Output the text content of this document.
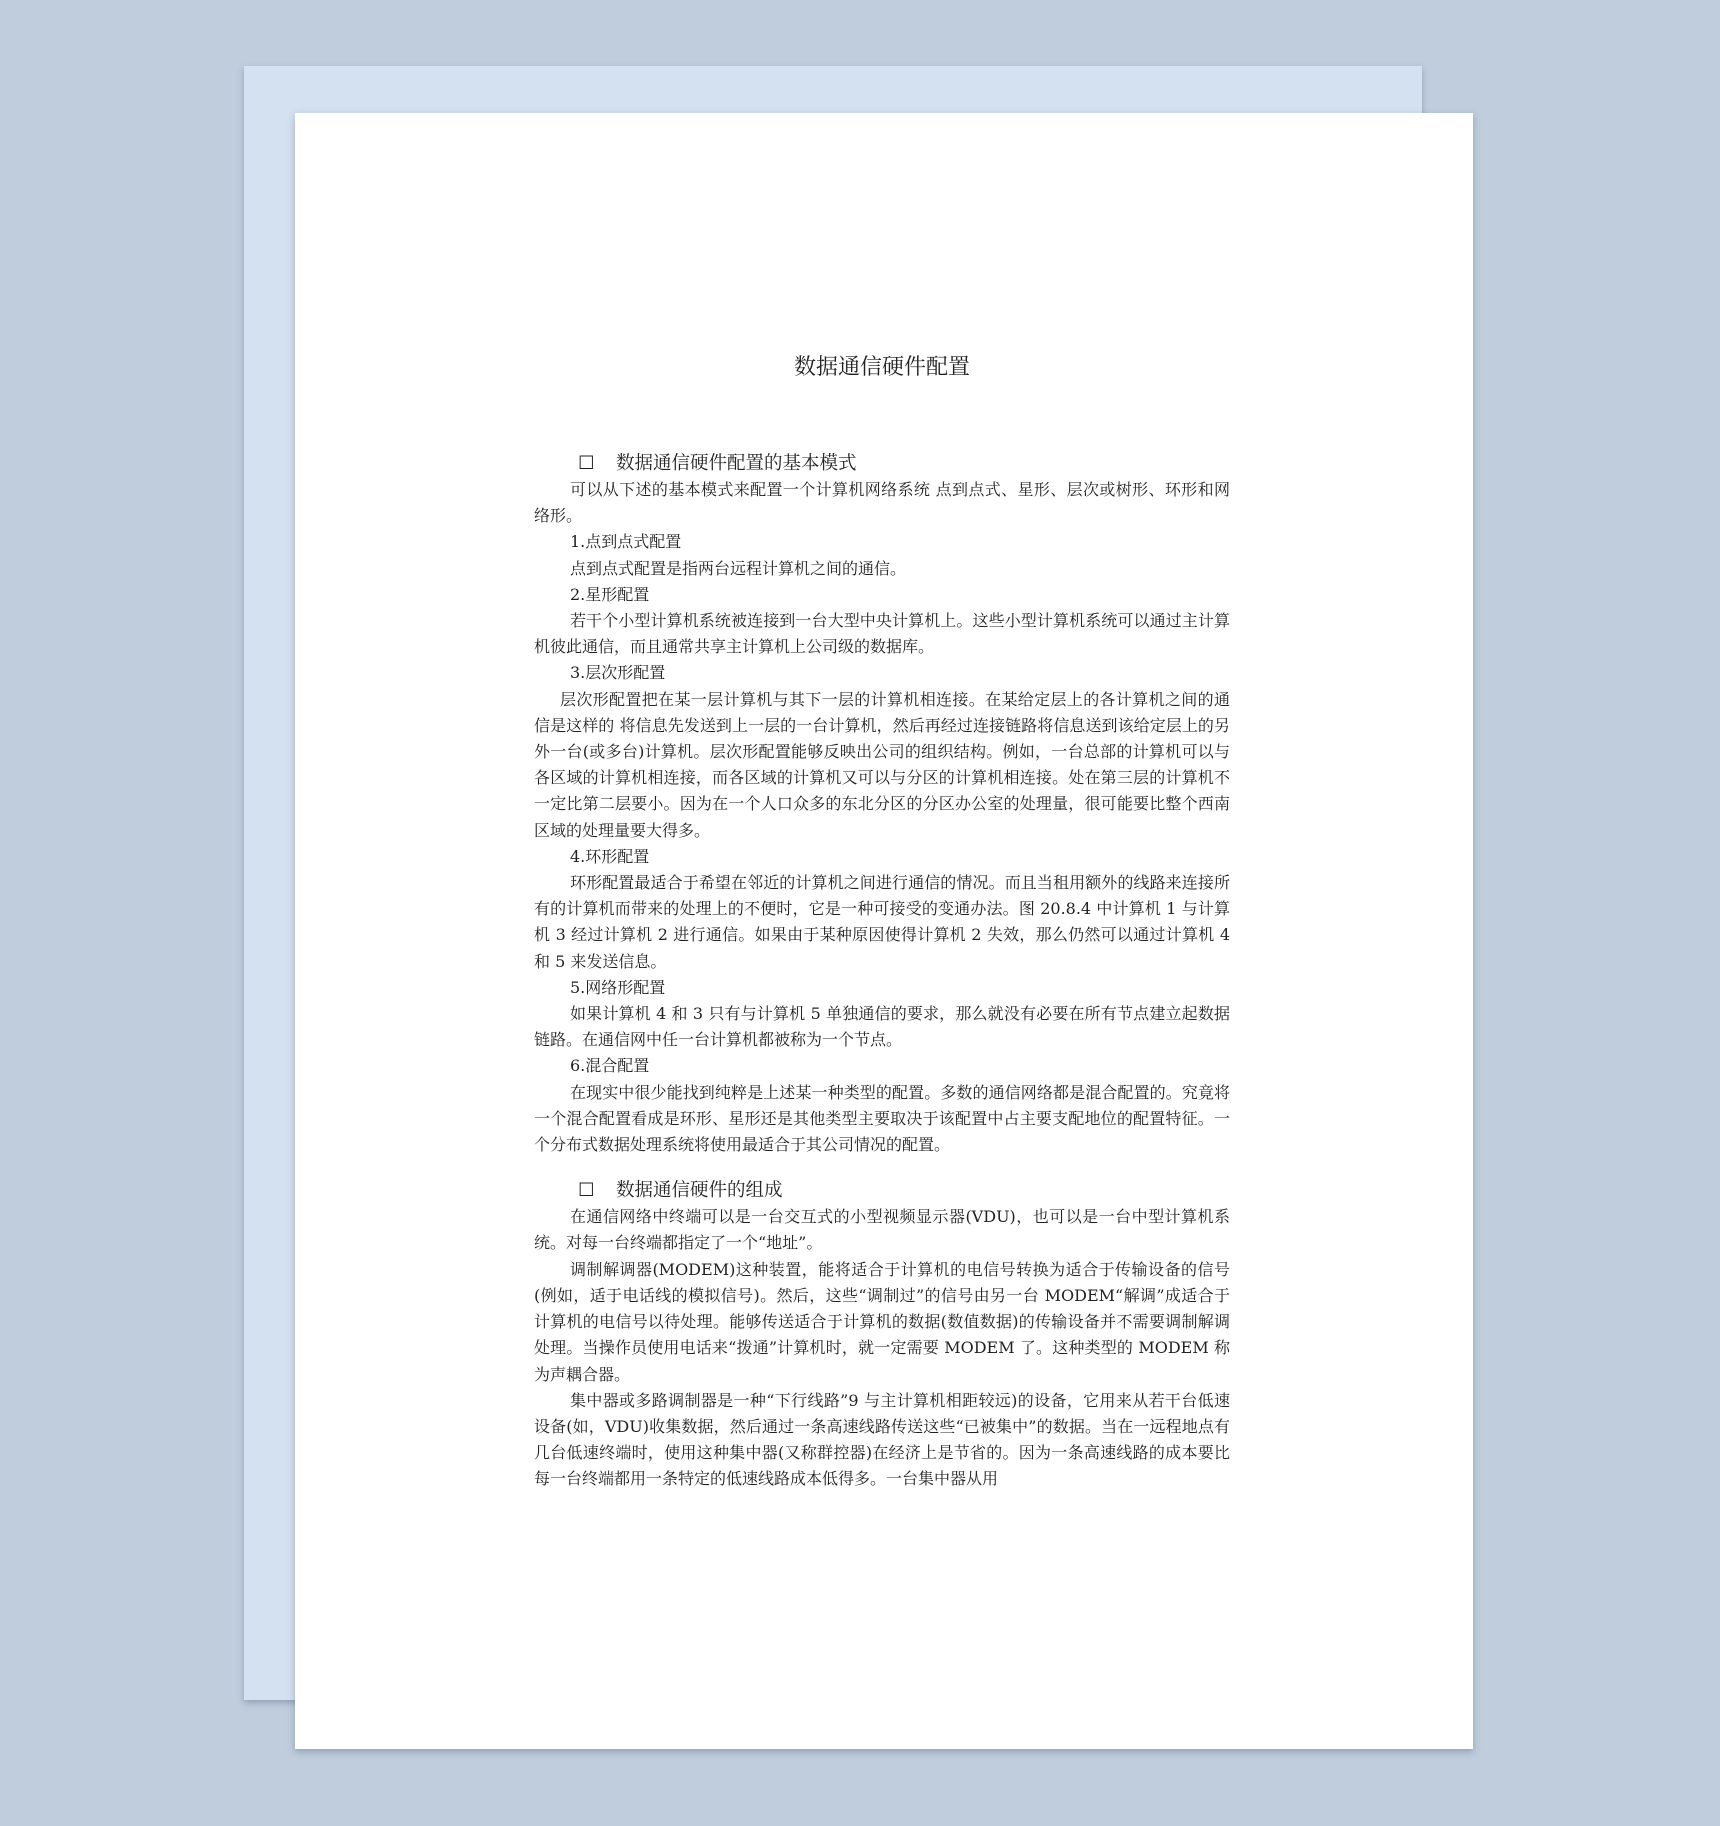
数据通信硬件配置
☐ 数据通信硬件配置的基本模式

可以从下述的基本模式来配置一个计算机网络系统 点到点式、星形、层次或树形、环形和网络形。

1.点到点式配置

点到点式配置是指两台远程计算机之间的通信。

2.星形配置

若干个小型计算机系统被连接到一台大型中央计算机上。这些小型计算机系统可以通过主计算机彼此通信，而且通常共享主计算机上公司级的数据库。

3.层次形配置

层次形配置把在某一层计算机与其下一层的计算机相连接。在某给定层上的各计算机之间的通信是这样的 将信息先发送到上一层的一台计算机，然后再经过连接链路将信息送到该给定层上的另外一台(或多台)计算机。层次形配置能够反映出公司的组织结构。例如，一台总部的计算机可以与各区域的计算机相连接，而各区域的计算机又可以与分区的计算机相连接。处在第三层的计算机不一定比第二层要小。因为在一个人口众多的东北分区的分区办公室的处理量，很可能要比整个西南区域的处理量要大得多。

4.环形配置

环形配置最适合于希望在邻近的计算机之间进行通信的情况。而且当租用额外的线路来连接所有的计算机而带来的处理上的不便时，它是一种可接受的变通办法。图 20.8.4 中计算机 1 与计算机 3 经过计算机 2 进行通信。如果由于某种原因使得计算机 2 失效，那么仍然可以通过计算机 4 和 5 来发送信息。

5.网络形配置

如果计算机 4 和 3 只有与计算机 5 单独通信的要求，那么就没有必要在所有节点建立起数据链路。在通信网中任一台计算机都被称为一个节点。

6.混合配置

在现实中很少能找到纯粹是上述某一种类型的配置。多数的通信网络都是混合配置的。究竟将一个混合配置看成是环形、星形还是其他类型主要取决于该配置中占主要支配地位的配置特征。一个分布式数据处理系统将使用最适合于其公司情况的配置。

☐ 数据通信硬件的组成

在通信网络中终端可以是一台交互式的小型视频显示器(VDU)，也可以是一台中型计算机系统。对每一台终端都指定了一个“地址”。

调制解调器(MODEM)这种装置，能将适合于计算机的电信号转换为适合于传输设备的信号(例如，适于电话线的模拟信号)。然后，这些“调制过”的信号由另一台 MODEM“解调”成适合于计算机的电信号以待处理。能够传送适合于计算机的数据(数值数据)的传输设备并不需要调制解调处理。当操作员使用电话来“拨通”计算机时，就一定需要 MODEM 了。这种类型的 MODEM 称为声耦合器。

集中器或多路调制器是一种“下行线路”9 与主计算机相距较远)的设备，它用来从若干台低速设备(如，VDU)收集数据，然后通过一条高速线路传送这些“已被集中”的数据。当在一远程地点有几台低速终端时，使用这种集中器(又称群控器)在经济上是节省的。因为一条高速线路的成本要比每一台终端都用一条特定的低速线路成本低得多。一台集中器从用
